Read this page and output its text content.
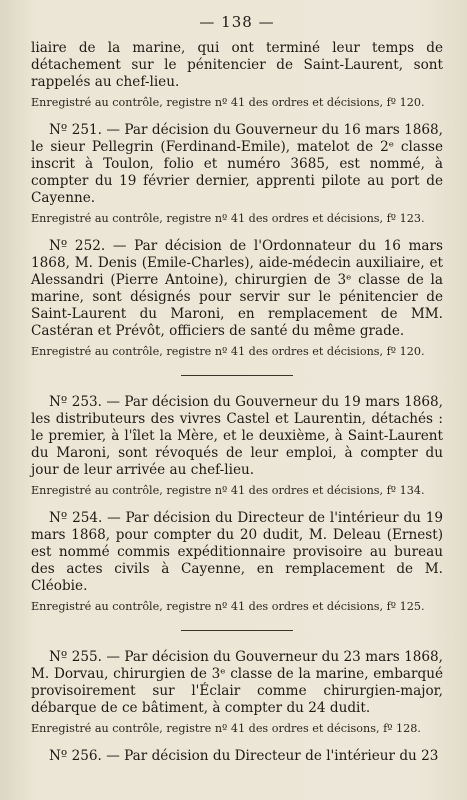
— 138 —

liaire de la marine, qui ont terminé leur temps de détachement sur le pénitencier de Saint-Laurent, sont rappelés au chef-lieu.

Enregistré au contrôle, registre nº 41 des ordres et décisions, fº 120.

Nº 251. — Par décision du Gouverneur du 16 mars 1868, le sieur Pellegrin (Ferdinand-Emile), matelot de 2ᵉ classe inscrit à Toulon, folio et numéro 3685, est nommé, à compter du 19 février dernier, apprenti pilote au port de Cayenne.

Enregistré au contrôle, registre nº 41 des ordres et décisions, fº 123.

Nº 252. — Par décision de l'Ordonnateur du 16 mars 1868, M. Denis (Emile-Charles), aide-médecin auxiliaire, et Alessandri (Pierre Antoine), chirurgien de 3ᵉ classe de la marine, sont désignés pour servir sur le pénitencier de Saint-Laurent du Maroni, en remplacement de MM. Castéran et Prévôt, officiers de santé du même grade.

Enregistré au contrôle, registre nº 41 des ordres et décisions, fº 120.

Nº 253. — Par décision du Gouverneur du 19 mars 1868, les distributeurs des vivres Castel et Laurentin, détachés : le premier, à l'îlet la Mère, et le deuxième, à Saint-Laurent du Maroni, sont révoqués de leur emploi, à compter du jour de leur arrivée au chef-lieu.

Enregistré au contrôle, registre nº 41 des ordres et décisions, fº 134.

Nº 254. — Par décision du Directeur de l'intérieur du 19 mars 1868, pour compter du 20 dudit, M. Deleau (Ernest) est nommé commis expéditionnaire provisoire au bureau des actes civils à Cayenne, en remplacement de M. Cléobie.

Enregistré au contrôle, registre nº 41 des ordres et décisions, fº 125.

Nº 255. — Par décision du Gouverneur du 23 mars 1868, M. Dorvau, chirurgien de 3ᵉ classe de la marine, embarqué provisoirement sur l'Éclair comme chirurgien-major, débarque de ce bâtiment, à compter du 24 dudit.

Enregistré au contrôle, registre nº 41 des ordres et décisons, fº 128.

Nº 256. — Par décision du Directeur de l'intérieur du 23
